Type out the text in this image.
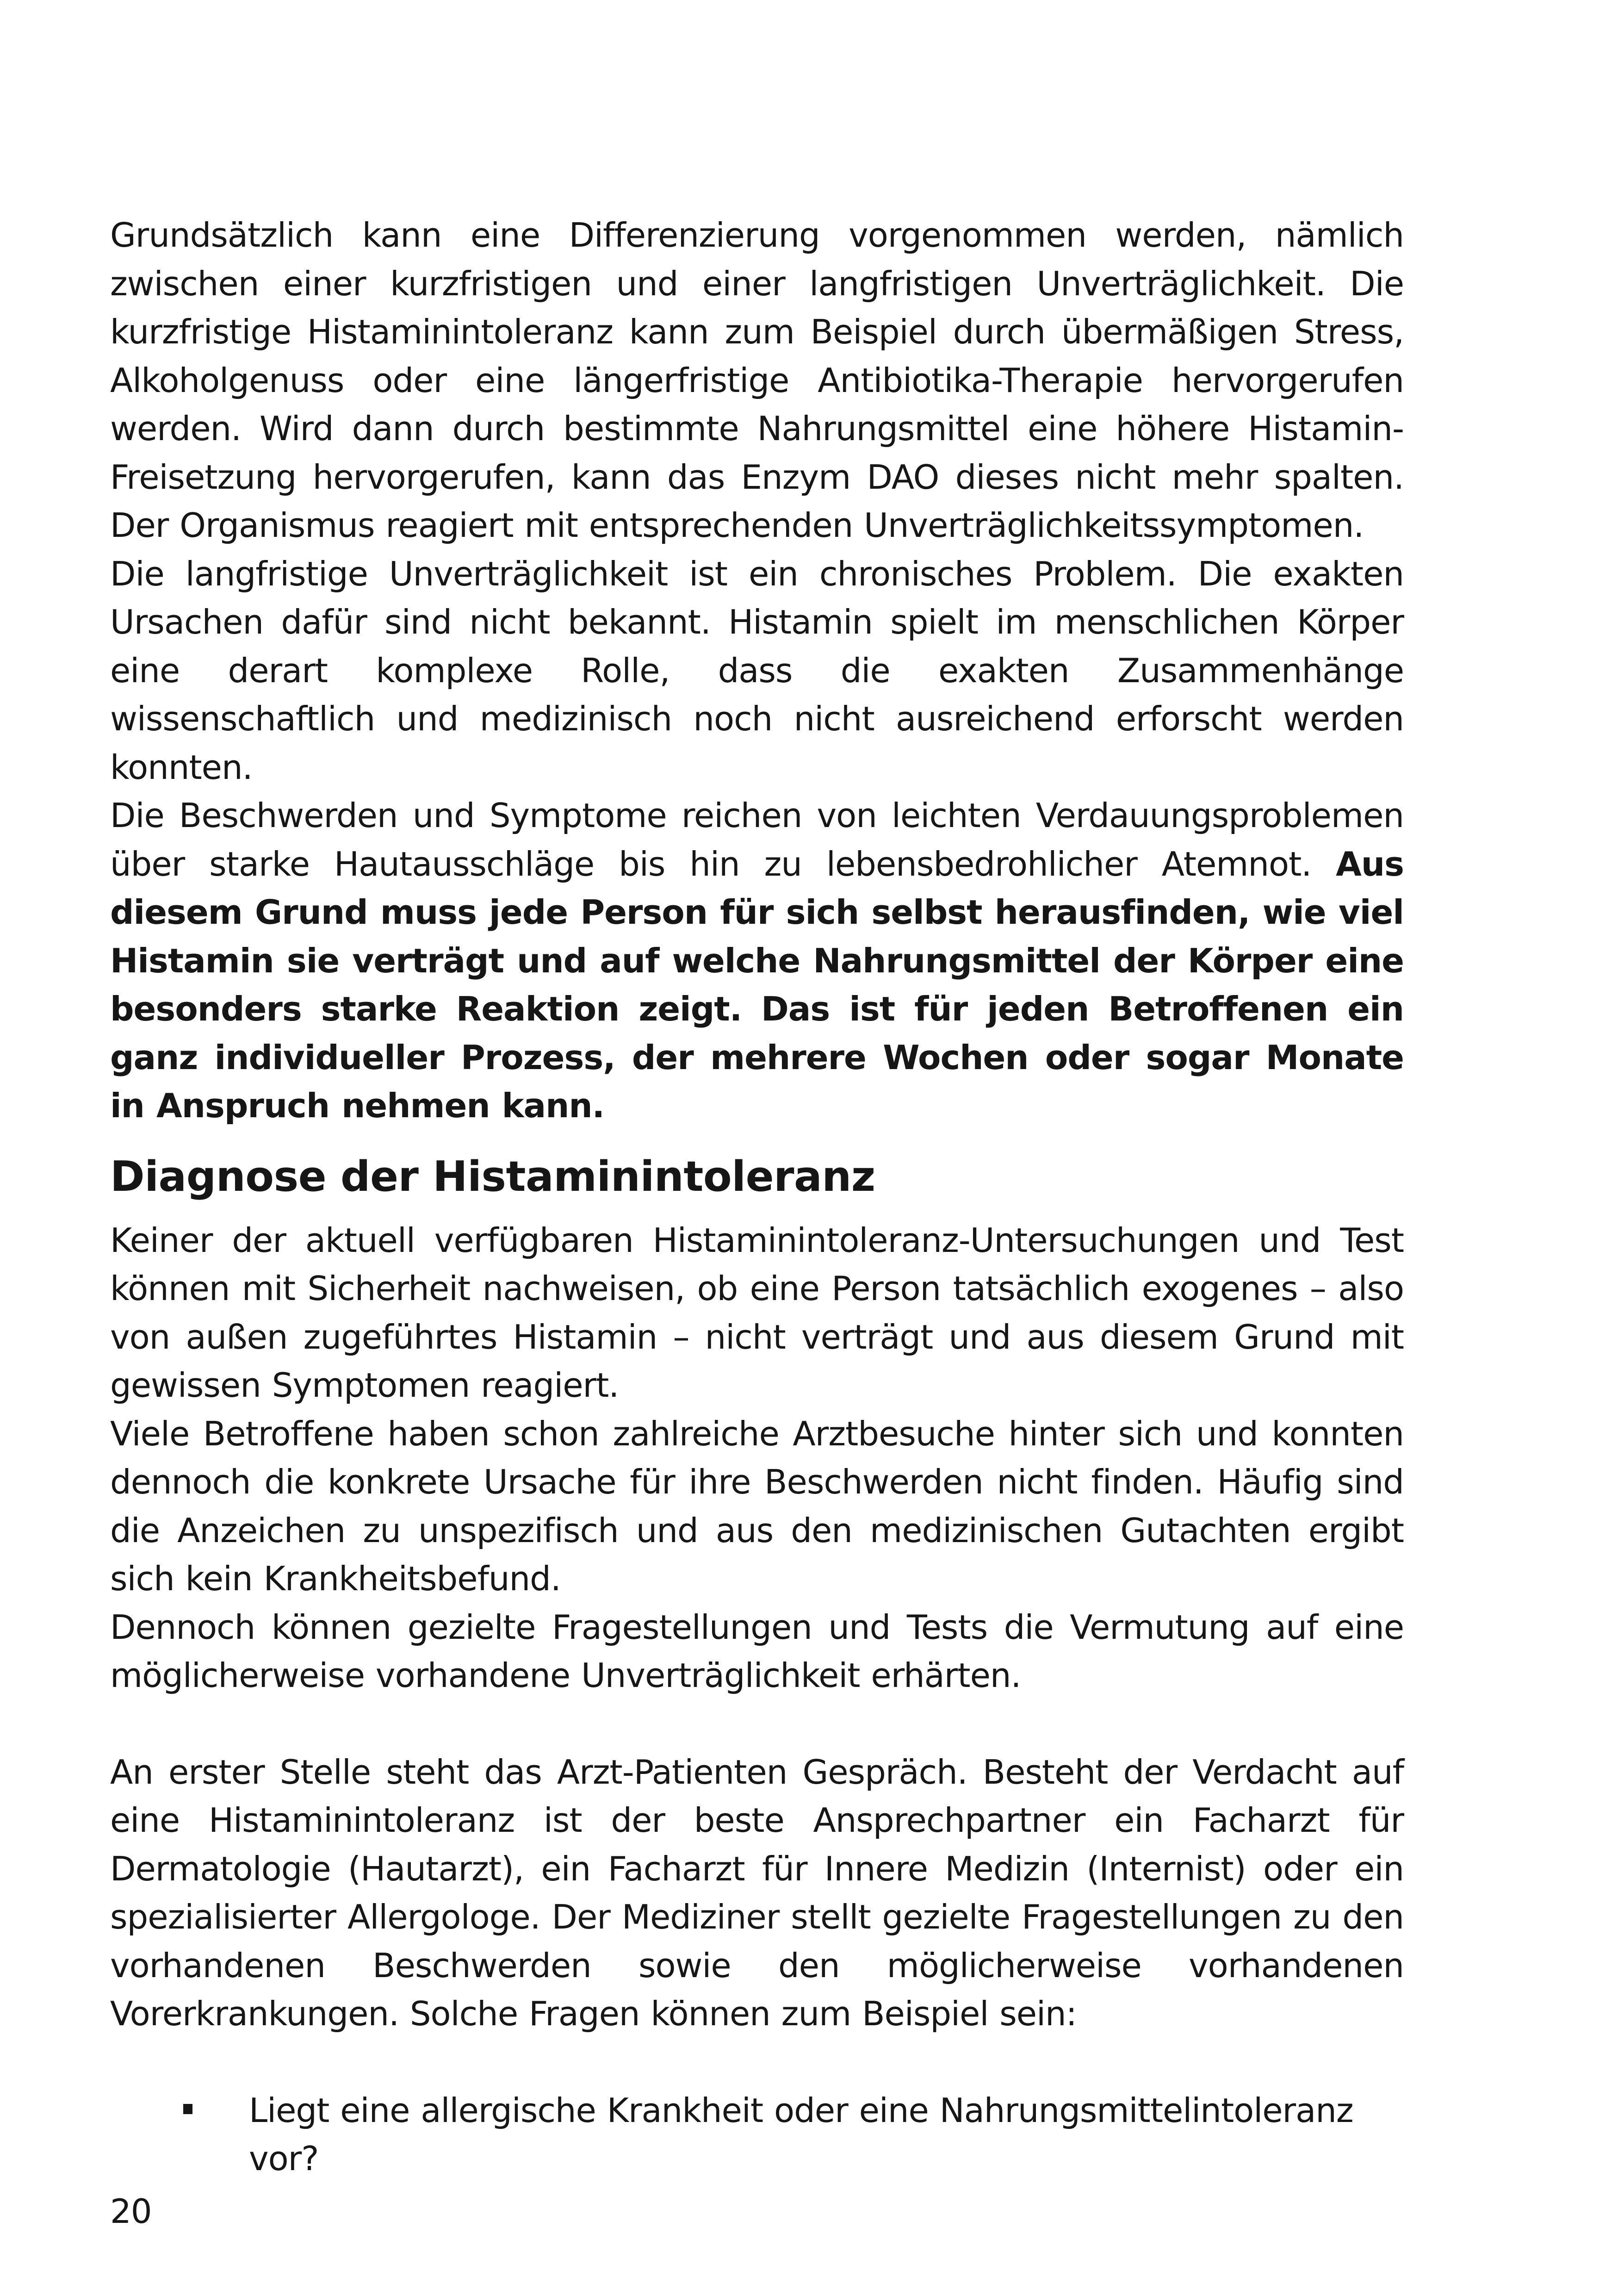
Grundsätzlich kann eine Differenzierung vorgenommen werden, nämlich zwischen einer kurzfristigen und einer langfristigen Unverträglichkeit. Die kurzfristige Histaminintoleranz kann zum Beispiel durch übermäßigen Stress, Alkoholgenuss oder eine längerfristige Antibiotika-Therapie hervorgerufen werden. Wird dann durch bestimmte Nahrungsmittel eine höhere Histamin-Freisetzung hervorgerufen, kann das Enzym DAO dieses nicht mehr spalten. Der Organismus reagiert mit entsprechenden Unverträglichkeitssymptomen.

Die langfristige Unverträglichkeit ist ein chronisches Problem. Die exakten Ursachen dafür sind nicht bekannt. Histamin spielt im menschlichen Körper eine derart komplexe Rolle, dass die exakten Zusammenhänge wissenschaftlich und medizinisch noch nicht ausreichend erforscht werden konnten.

Die Beschwerden und Symptome reichen von leichten Verdauungsproblemen über starke Hautausschläge bis hin zu lebensbedrohlicher Atemnot. Aus diesem Grund muss jede Person für sich selbst herausfinden, wie viel Histamin sie verträgt und auf welche Nahrungsmittel der Körper eine besonders starke Reaktion zeigt. Das ist für jeden Betroffenen ein ganz individueller Prozess, der mehrere Wochen oder sogar Monate in Anspruch nehmen kann.

Diagnose der Histaminintoleranz

Keiner der aktuell verfügbaren Histaminintoleranz-Untersuchungen und Test können mit Sicherheit nachweisen, ob eine Person tatsächlich exogenes – also von außen zugeführtes Histamin – nicht verträgt und aus diesem Grund mit gewissen Symptomen reagiert.

Viele Betroffene haben schon zahlreiche Arztbesuche hinter sich und konnten dennoch die konkrete Ursache für ihre Beschwerden nicht finden. Häufig sind die Anzeichen zu unspezifisch und aus den medizinischen Gutachten ergibt sich kein Krankheitsbefund.

Dennoch können gezielte Fragestellungen und Tests die Vermutung auf eine möglicherweise vorhandene Unverträglichkeit erhärten.

An erster Stelle steht das Arzt-Patienten Gespräch. Besteht der Verdacht auf eine Histaminintoleranz ist der beste Ansprechpartner ein Facharzt für Dermatologie (Hautarzt), ein Facharzt für Innere Medizin (Internist) oder ein spezialisierter Allergologe. Der Mediziner stellt gezielte Fragestellungen zu den vorhandenen Beschwerden sowie den möglicherweise vorhandenen Vorerkrankungen. Solche Fragen können zum Beispiel sein:

Liegt eine allergische Krankheit oder eine Nahrungsmittelintoleranz vor?
20
